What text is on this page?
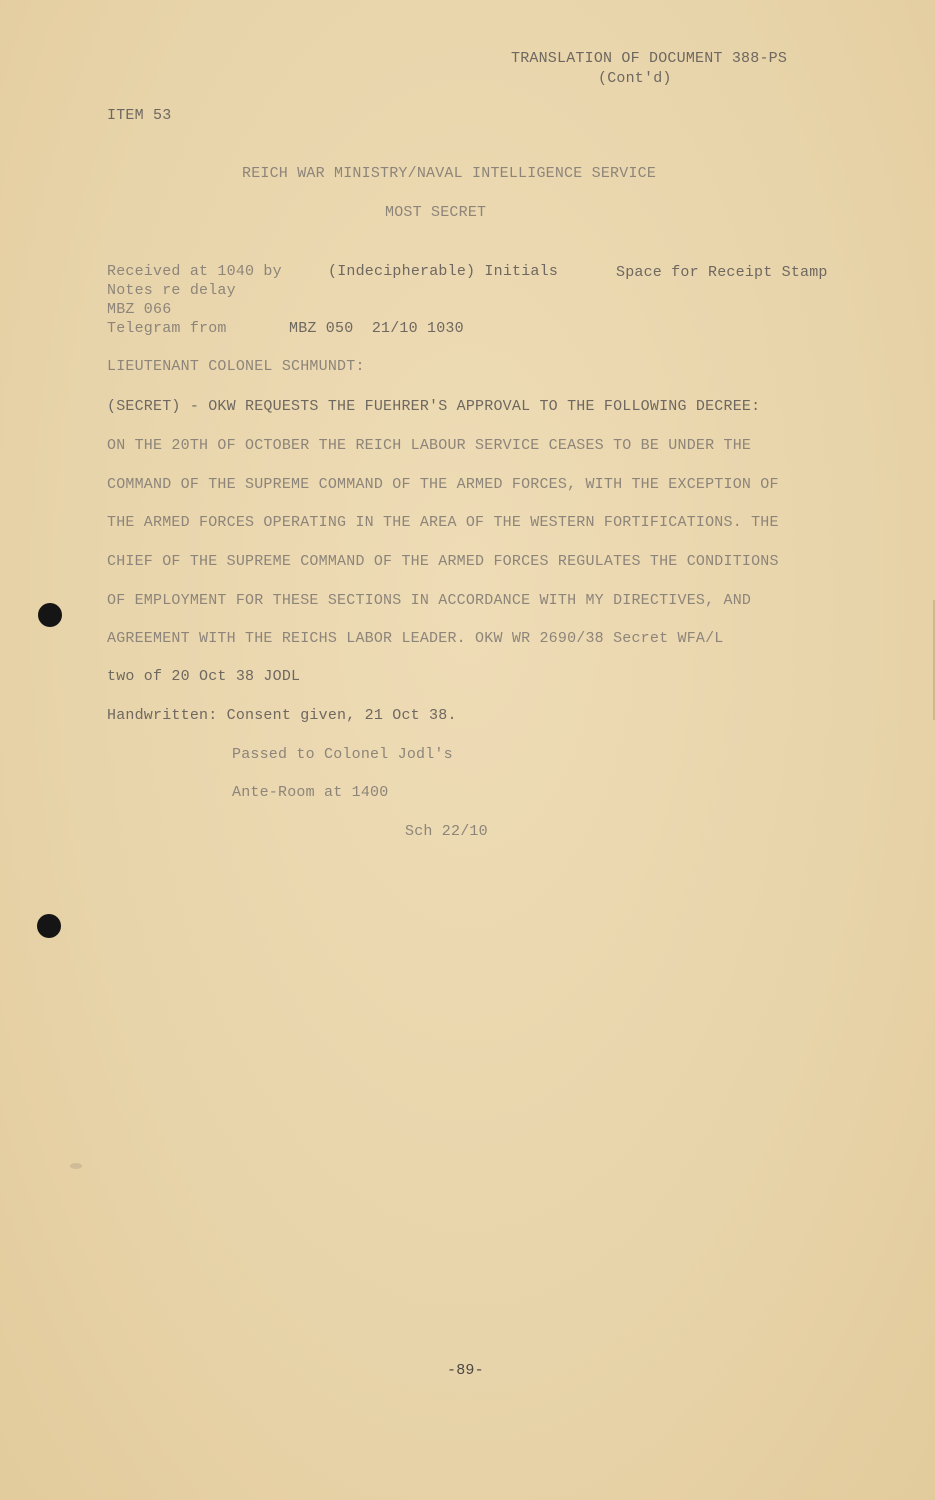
TRANSLATION OF DOCUMENT 388-PS
(Cont'd)
ITEM 53
REICH WAR MINISTRY/NAVAL INTELLIGENCE SERVICE
MOST SECRET
Received at 1040 by	(Indecipherable) Initials	Space for Receipt Stamp
Notes re delay
MBZ 066
Telegram from	MBZ 050  21/10 1030
LIEUTENANT COLONEL SCHMUNDT:
(SECRET) - OKW REQUESTS THE FUEHRER'S APPROVAL TO THE FOLLOWING DECREE:
ON THE 20TH OF OCTOBER THE REICH LABOUR SERVICE CEASES TO BE UNDER THE
COMMAND OF THE SUPREME COMMAND OF THE ARMED FORCES, WITH THE EXCEPTION OF
THE ARMED FORCES OPERATING IN THE AREA OF THE WESTERN FORTIFICATIONS. THE
CHIEF OF THE SUPREME COMMAND OF THE ARMED FORCES REGULATES THE CONDITIONS
OF EMPLOYMENT FOR THESE SECTIONS IN ACCORDANCE WITH MY DIRECTIVES, AND
AGREEMENT WITH THE REICHS LABOR LEADER. OKW WR 2690/38 Secret WFA/L
two of 20 Oct 38 JODL
Handwritten: Consent given, 21 Oct 38.
Passed to Colonel Jodl's
Ante-Room at 1400
Sch 22/10
-89-
